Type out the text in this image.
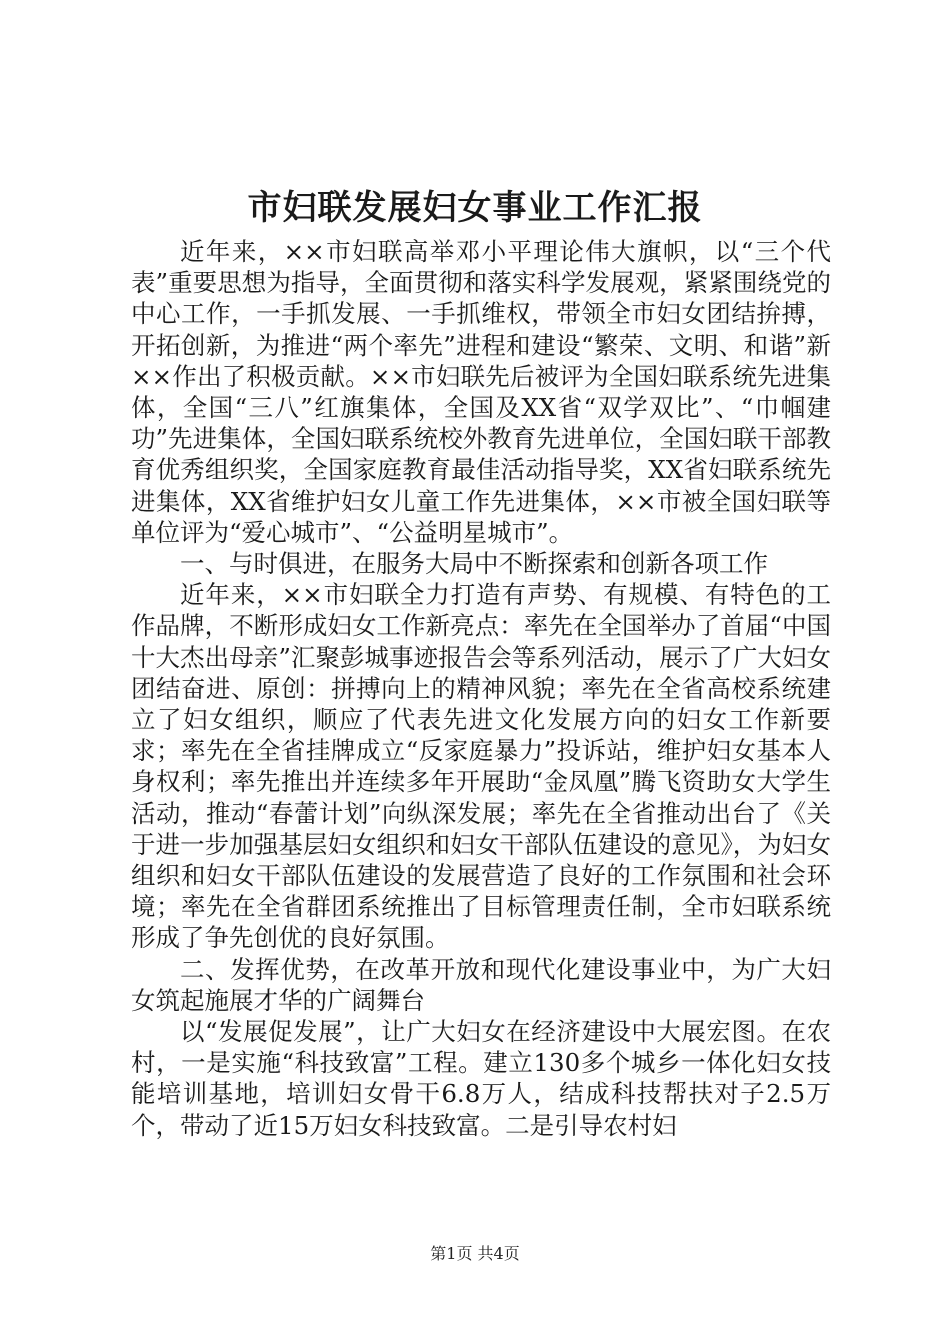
市妇联发展妇女事业工作汇报

近年来，××市妇联高举邓小平理论伟大旗帜，以“三个代表”重要思想为指导，全面贯彻和落实科学发展观，紧紧围绕党的中心工作，一手抓发展、一手抓维权，带领全市妇女团结拚搏，开拓创新，为推进“两个率先”进程和建设“繁荣、文明、和谐”新××作出了积极贡献。××市妇联先后被评为全国妇联系统先进集体，全国“三八”红旗集体，全国及XX省“双学双比”、“巾帼建功”先进集体，全国妇联系统校外教育先进单位，全国妇联干部教育优秀组织奖，全国家庭教育最佳活动指导奖，XX省妇联系统先进集体，XX省维护妇女儿童工作先进集体，××市被全国妇联等单位评为“爱心城市”、“公益明星城市”。

一、与时俱进，在服务大局中不断探索和创新各项工作

近年来，××市妇联全力打造有声势、有规模、有特色的工作品牌，不断形成妇女工作新亮点：率先在全国举办了首届“中国十大杰出母亲”汇聚彭城事迹报告会等系列活动，展示了广大妇女团结奋进、原创：拼搏向上的精神风貌；率先在全省高校系统建立了妇女组织，顺应了代表先进文化发展方向的妇女工作新要求；率先在全省挂牌成立“反家庭暴力”投诉站，维护妇女基本人身权利；率先推出并连续多年开展助“金凤凰”腾飞资助女大学生活动，推动“春蕾计划”向纵深发展；率先在全省推动出台了《关于进一步加强基层妇女组织和妇女干部队伍建设的意见》，为妇女组织和妇女干部队伍建设的发展营造了良好的工作氛围和社会环境；率先在全省群团系统推出了目标管理责任制，全市妇联系统形成了争先创优的良好氛围。

二、发挥优势，在改革开放和现代化建设事业中，为广大妇女筑起施展才华的广阔舞台

以“发展促发展”，让广大妇女在经济建设中大展宏图。在农村，一是实施“科技致富”工程。建立130多个城乡一体化妇女技能培训基地，培训妇女骨干6.8万人，结成科技帮扶对子2.5万个，带动了近15万妇女科技致富。二是引导农村妇

第1页 共4页
